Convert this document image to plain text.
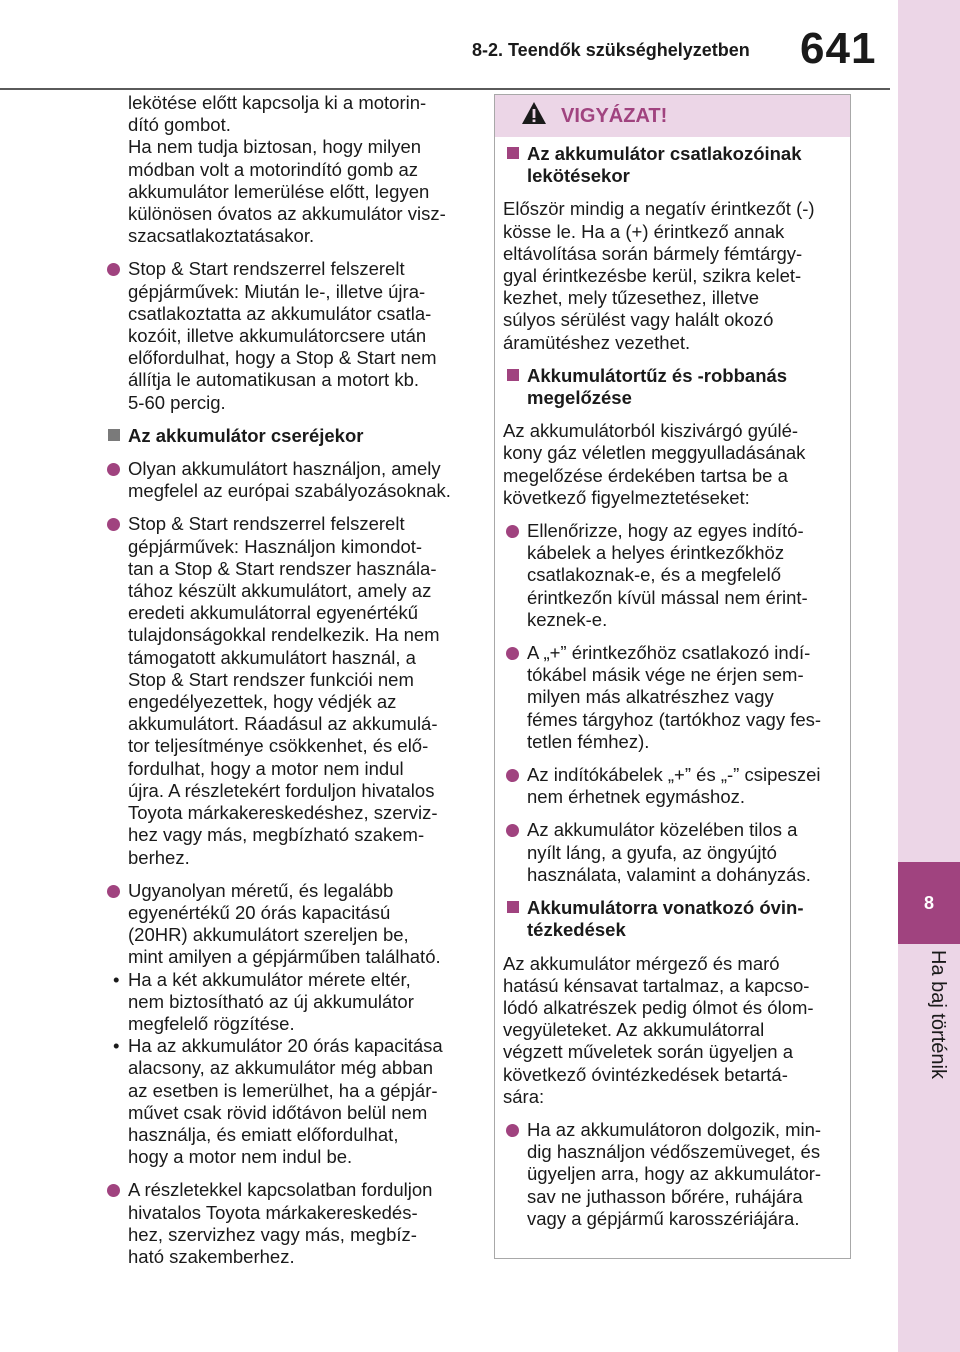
8-2. Teendők szükséghelyzetben 641
8
Ha baj történik
lekötése előtt kapcsolja ki a motorin-
dító gombot.
Ha nem tudja biztosan, hogy milyen
módban volt a motorindító gomb az
akkumulátor lemerülése előtt, legyen
különösen óvatos az akkumulátor visz-
szacsatlakoztatásakor.
Stop & Start rendszerrel felszerelt
gépjárművek: Miután le-, illetve újra-
csatlakoztatta az akkumulátor csatla-
kozóit, illetve akkumulátorcsere után
előfordulhat, hogy a Stop & Start nem
állítja le automatikusan a motort kb.
5-60 percig.
Az akkumulátor cseréjekor
Olyan akkumulátort használjon, amely
megfelel az európai szabályozásoknak.
Stop & Start rendszerrel felszerelt
gépjárművek: Használjon kimondot-
tan a Stop & Start rendszer használa-
tához készült akkumulátort, amely az
eredeti akkumulátorral egyenértékű
tulajdonságokkal rendelkezik. Ha nem
támogatott akkumulátort használ, a
Stop & Start rendszer funkciói nem
engedélyezettek, hogy védjék az
akkumulátort. Ráadásul az akkumulá-
tor teljesítménye csökkenhet, és elő-
fordulhat, hogy a motor nem indul
újra. A részletekért forduljon hivatalos
Toyota márkakereskedéshez, szerviz-
hez vagy más, megbízható szakem-
berhez.
Ugyanolyan méretű, és legalább
egyenértékű 20 órás kapacitású
(20HR) akkumulátort szereljen be,
mint amilyen a gépjárműben található.
• Ha a két akkumulátor mérete eltér,
nem biztosítható az új akkumulátor
megfelelő rögzítése.
• Ha az akkumulátor 20 órás kapacitása
alacsony, az akkumulátor még abban
az esetben is lemerülhet, ha a gépjár-
művet csak rövid időtávon belül nem
használja, és emiatt előfordulhat,
hogy a motor nem indul be.
A részletekkel kapcsolatban forduljon
hivatalos Toyota márkakereskedés-
hez, szervizhez vagy más, megbíz-
ható szakemberhez.
VIGYÁZAT!
Az akkumulátor csatlakozóinak
lekötésekor
Először mindig a negatív érintkezőt (-)
kösse le. Ha a (+) érintkező annak
eltávolítása során bármely fémtárgy-
gyal érintkezésbe kerül, szikra kelet-
kezhet, mely tűzesethez, illetve
súlyos sérülést vagy halált okozó
áramütéshez vezethet.
Akkumulátortűz és -robbanás
megelőzése
Az akkumulátorból kiszivárgó gyúlé-
kony gáz véletlen meggyulladásának
megelőzése érdekében tartsa be a
következő figyelmeztetéseket:
Ellenőrizze, hogy az egyes indító-
kábelek a helyes érintkezőkhöz
csatlakoznak-e, és a megfelelő
érintkezőn kívül mással nem érint-
keznek-e.
A „+” érintkezőhöz csatlakozó indí-
tókábel másik vége ne érjen sem-
milyen más alkatrészhez vagy
fémes tárgyhoz (tartókhoz vagy fes-
tetlen fémhez).
Az indítókábelek „+” és „-” csipeszei
nem érhetnek egymáshoz.
Az akkumulátor közelében tilos a
nyílt láng, a gyufa, az öngyújtó
használata, valamint a dohányzás.
Akkumulátorra vonatkozó óvin-
tézkedések
Az akkumulátor mérgező és maró
hatású kénsavat tartalmaz, a kapcso-
lódó alkatrészek pedig ólmot és ólom-
vegyületeket. Az akkumulátorral
végzett műveletek során ügyeljen a
következő óvintézkedések betartá-
sára:
Ha az akkumulátoron dolgozik, min-
dig használjon védőszemüveget, és
ügyeljen arra, hogy az akkumulátor-
sav ne juthasson bőrére, ruhájára
vagy a gépjármű karosszériájára.
